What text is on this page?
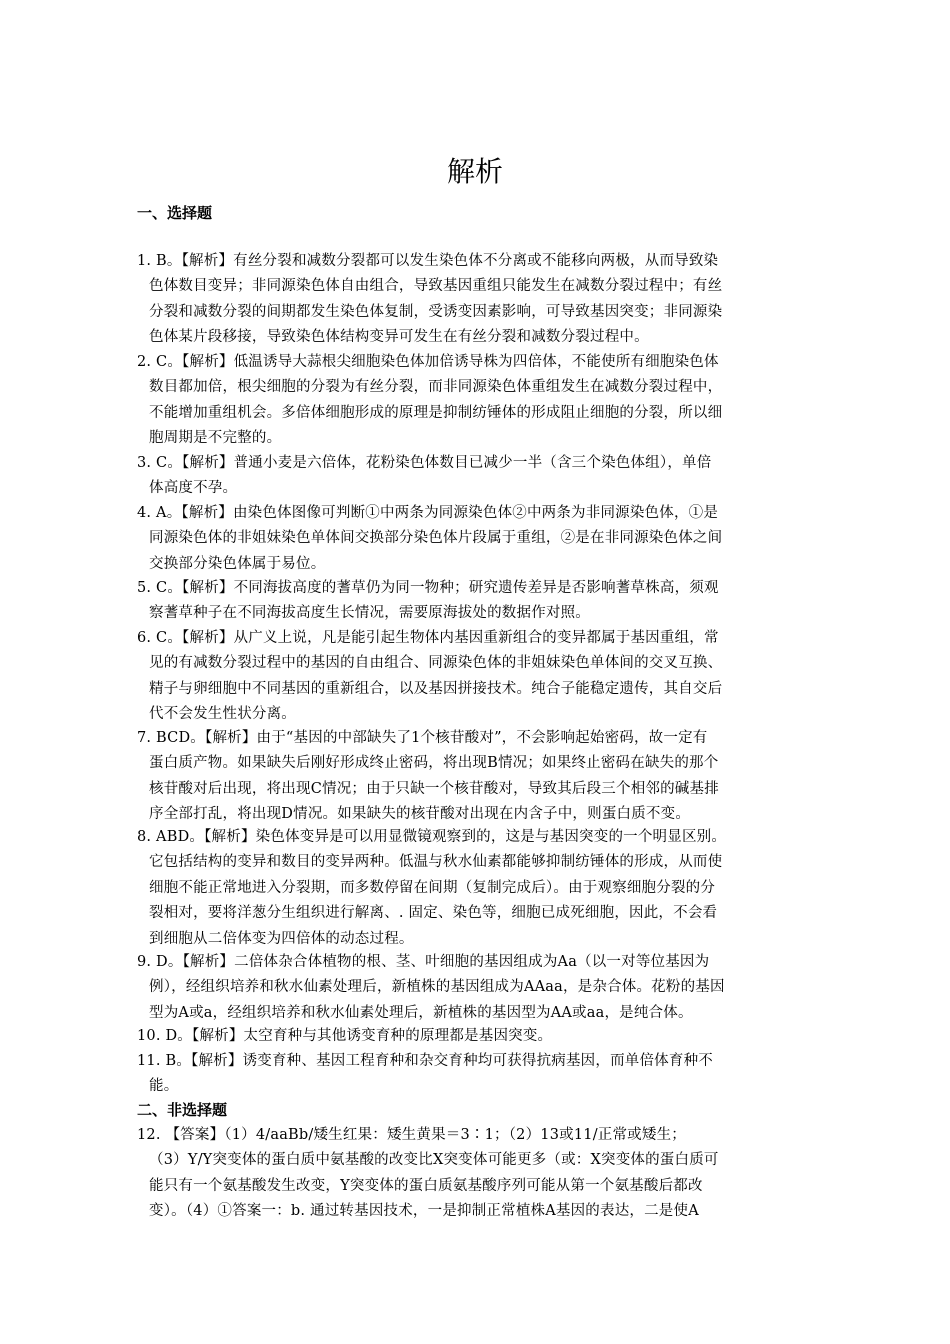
解析
一、选择题
1. B。【解析】有丝分裂和减数分裂都可以发生染色体不分离或不能移向两极，从而导致染
色体数目变异；非同源染色体自由组合，导致基因重组只能发生在减数分裂过程中；有丝
分裂和减数分裂的间期都发生染色体复制，受诱变因素影响，可导致基因突变；非同源染
色体某片段移接，导致染色体结构变异可发生在有丝分裂和减数分裂过程中。
2. C。【解析】低温诱导大蒜根尖细胞染色体加倍诱导株为四倍体，不能使所有细胞染色体
数目都加倍，根尖细胞的分裂为有丝分裂，而非同源染色体重组发生在减数分裂过程中，
不能增加重组机会。多倍体细胞形成的原理是抑制纺锤体的形成阻止细胞的分裂，所以细
胞周期是不完整的。
3. C。【解析】普通小麦是六倍体，花粉染色体数目已减少一半（含三个染色体组），单倍
体高度不孕。
4. A。【解析】由染色体图像可判断①中两条为同源染色体②中两条为非同源染色体，①是
同源染色体的非姐妹染色单体间交换部分染色体片段属于重组，②是在非同源染色体之间
交换部分染色体属于易位。
5. C。【解析】不同海拔高度的蓍草仍为同一物种；研究遗传差异是否影响蓍草株高，须观
察蓍草种子在不同海拔高度生长情况，需要原海拔处的数据作对照。
6. C。【解析】从广义上说，凡是能引起生物体内基因重新组合的变异都属于基因重组，常
见的有减数分裂过程中的基因的自由组合、同源染色体的非姐妹染色单体间的交叉互换、
精子与卵细胞中不同基因的重新组合，以及基因拼接技术。纯合子能稳定遗传，其自交后
代不会发生性状分离。
7. BCD。【解析】由于“基因的中部缺失了1个核苷酸对”，不会影响起始密码，故一定有
蛋白质产物。如果缺失后刚好形成终止密码，将出现B情况；如果终止密码在缺失的那个
核苷酸对后出现，将出现C情况；由于只缺一个核苷酸对，导致其后段三个相邻的碱基排
序全部打乱，将出现D情况。如果缺失的核苷酸对出现在内含子中，则蛋白质不变。
8. ABD。【解析】染色体变异是可以用显微镜观察到的，这是与基因突变的一个明显区别。
它包括结构的变异和数目的变异两种。低温与秋水仙素都能够抑制纺锤体的形成，从而使
细胞不能正常地进入分裂期，而多数停留在间期（复制完成后）。由于观察细胞分裂的分
裂相对，要将洋葱分生组织进行解离、. 固定、染色等，细胞已成死细胞，因此，不会看
到细胞从二倍体变为四倍体的动态过程。
9. D。【解析】二倍体杂合体植物的根、茎、叶细胞的基因组成为Aa（以一对等位基因为
例），经组织培养和秋水仙素处理后，新植株的基因组成为AAaa，是杂合体。花粉的基因
型为A或a，经组织培养和秋水仙素处理后，新植株的基因型为AA或aa，是纯合体。
10. D。【解析】太空育种与其他诱变育种的原理都是基因突变。
11. B。【解析】诱变育种、基因工程育种和杂交育种均可获得抗病基因，而单倍体育种不
能。
二、非选择题
12. 【答案】（1）4/aaBb/矮生红果：矮生黄果＝3∶1；（2）13或11/正常或矮生；
（3）Y/Y突变体的蛋白质中氨基酸的改变比X突变体可能更多（或：X突变体的蛋白质可
能只有一个氨基酸发生改变，Y突变体的蛋白质氨基酸序列可能从第一个氨基酸后都改
变）。（4）①答案一：b. 通过转基因技术，一是抑制正常植株A基因的表达，二是使A
